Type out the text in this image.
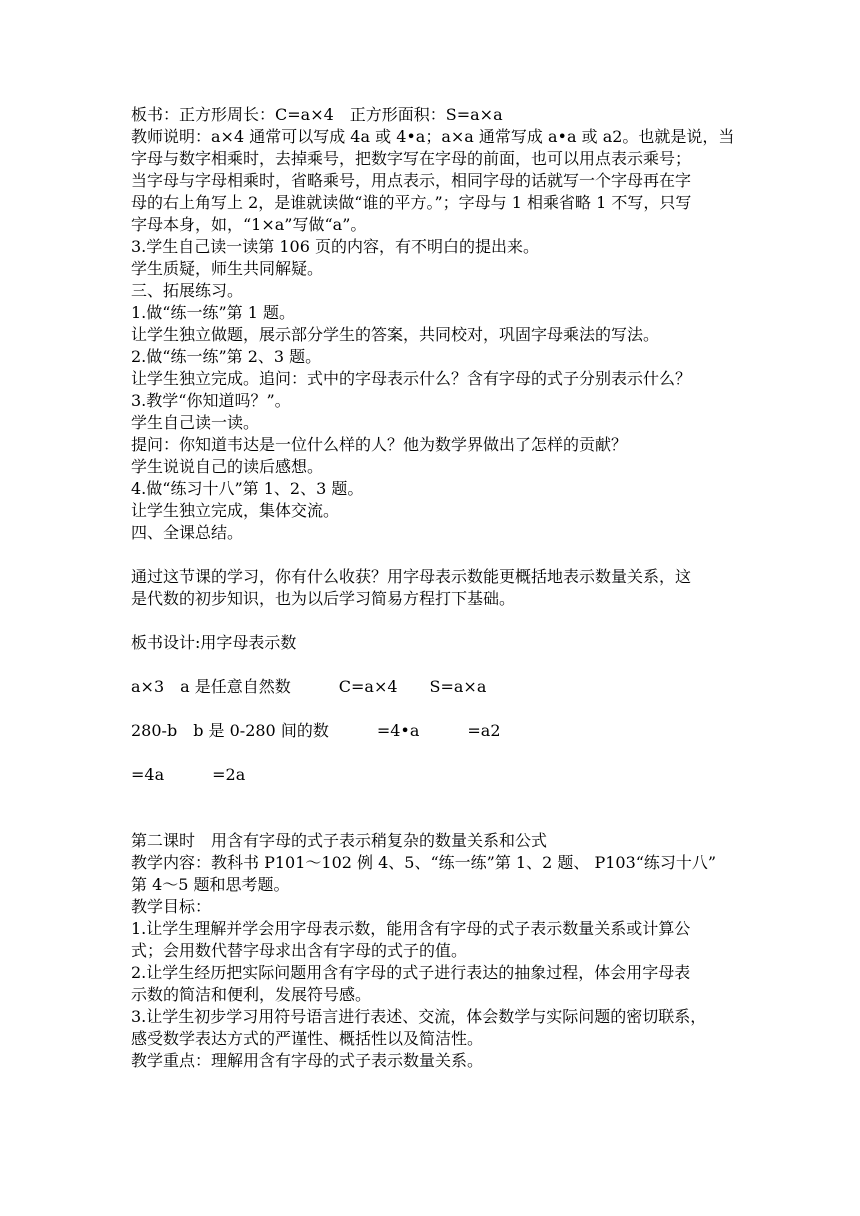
板书：正方形周长：C=a×4　正方形面积：S=a×a
教师说明：a×4 通常可以写成 4a 或 4•a；a×a 通常写成 a•a 或 a2。也就是说，当
字母与数字相乘时，去掉乘号，把数字写在字母的前面，也可以用点表示乘号；
当字母与字母相乘时，省略乘号，用点表示，相同字母的话就写一个字母再在字
母的右上角写上 2，是谁就读做“谁的平方。”；字母与 1 相乘省略 1 不写，只写
字母本身，如，“1×a”写做“a”。
3.学生自己读一读第 106 页的内容，有不明白的提出来。
学生质疑，师生共同解疑。
三、拓展练习。
1.做“练一练”第 1 题。
让学生独立做题，展示部分学生的答案，共同校对，巩固字母乘法的写法。
2.做“练一练”第 2、3 题。
让学生独立完成。追问：式中的字母表示什么？含有字母的式子分别表示什么？
3.教学“你知道吗？”。
学生自己读一读。
提问：你知道韦达是一位什么样的人？他为数学界做出了怎样的贡献？
学生说说自己的读后感想。
4.做“练习十八”第 1、2、3 题。
让学生独立完成，集体交流。
四、全课总结。
通过这节课的学习，你有什么收获？用字母表示数能更概括地表示数量关系，这
是代数的初步知识，也为以后学习简易方程打下基础。
板书设计:用字母表示数
a×3　a 是任意自然数　　　C=a×4　　S=a×a
280-b　b 是 0-280 间的数　　　=4•a　　　=a2
=4a　　　=2a
第二课时　用含有字母的式子表示稍复杂的数量关系和公式
教学内容：教科书 P101～102 例 4、5、“练一练”第 1、2 题、 P103“练习十八”
第 4～5 题和思考题。
教学目标：
1.让学生理解并学会用字母表示数，能用含有字母的式子表示数量关系或计算公
式；会用数代替字母求出含有字母的式子的值。
2.让学生经历把实际问题用含有字母的式子进行表达的抽象过程，体会用字母表
示数的简洁和便利，发展符号感。
3.让学生初步学习用符号语言进行表述、交流，体会数学与实际问题的密切联系，
感受数学表达方式的严谨性、概括性以及简洁性。
教学重点：理解用含有字母的式子表示数量关系。
